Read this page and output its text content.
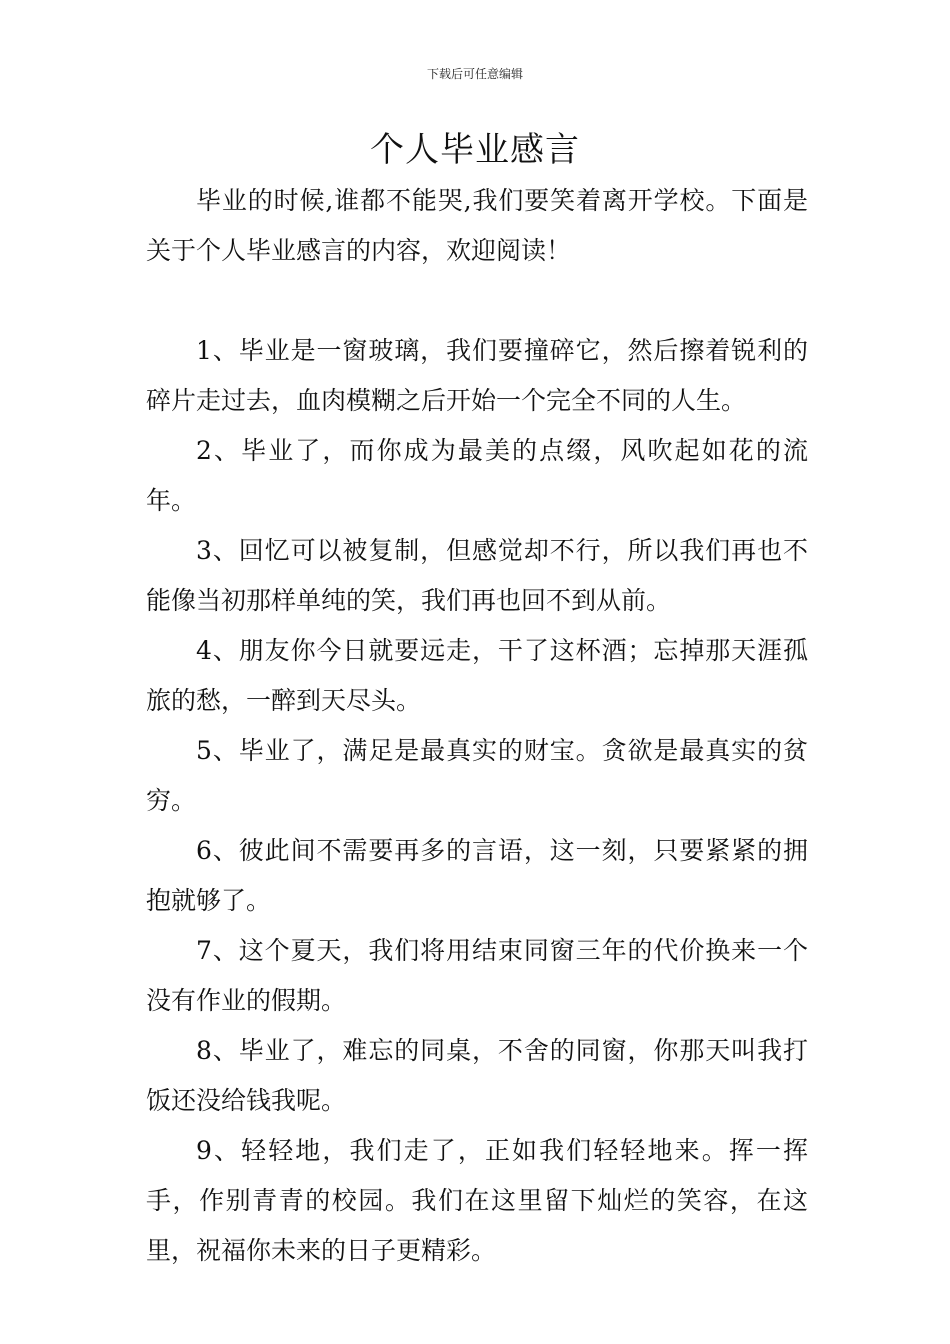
下载后可任意编辑
个人毕业感言

毕业的时候,谁都不能哭,我们要笑着离开学校。下面是关于个人毕业感言的内容，欢迎阅读！

1、毕业是一窗玻璃，我们要撞碎它，然后擦着锐利的碎片走过去，血肉模糊之后开始一个完全不同的人生。

2、毕业了，而你成为最美的点缀，风吹起如花的流年。

3、回忆可以被复制，但感觉却不行，所以我们再也不能像当初那样单纯的笑，我们再也回不到从前。

4、朋友你今日就要远走，干了这杯酒；忘掉那天涯孤旅的愁，一醉到天尽头。

5、毕业了，满足是最真实的财宝。贪欲是最真实的贫穷。

6、彼此间不需要再多的言语，这一刻，只要紧紧的拥抱就够了。

7、这个夏天，我们将用结束同窗三年的代价换来一个没有作业的假期。

8、毕业了，难忘的同桌，不舍的同窗，你那天叫我打饭还没给钱我呢。

9、轻轻地，我们走了，正如我们轻轻地来。挥一挥手，作别青青的校园。我们在这里留下灿烂的笑容，在这里，祝福你未来的日子更精彩。
